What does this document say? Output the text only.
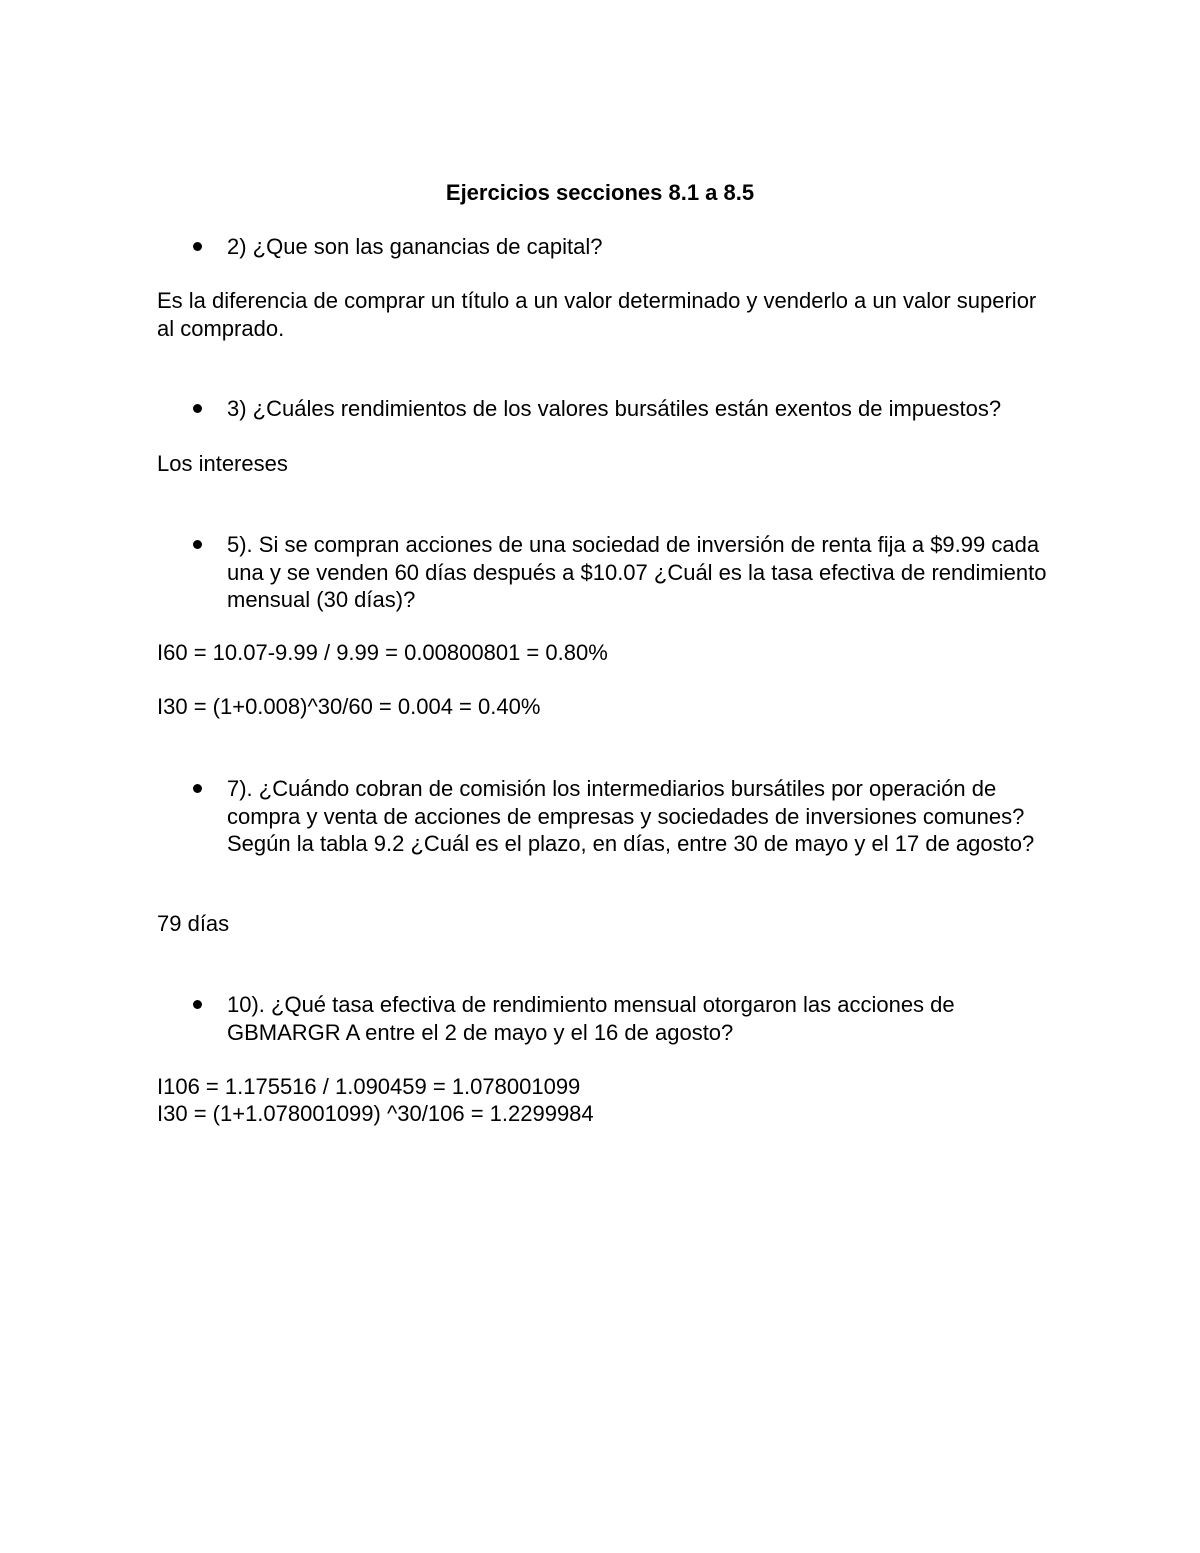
Ejercicios secciones 8.1 a 8.5
2) ¿Que son las ganancias de capital?
Es la diferencia de comprar un título a un valor determinado y venderlo a un valor superior al comprado.
3) ¿Cuáles rendimientos de los valores bursátiles están exentos de impuestos?
Los intereses
5). Si se compran acciones de una sociedad de inversión de renta fija a $9.99 cada una y se venden 60 días después a $10.07 ¿Cuál es la tasa efectiva de rendimiento mensual (30 días)?
I60 = 10.07-9.99 / 9.99 = 0.00800801 = 0.80%
I30 = (1+0.008)^30/60 = 0.004 = 0.40%
7). ¿Cuándo cobran de comisión los intermediarios bursátiles por operación de compra y venta de acciones de empresas y sociedades de inversiones comunes? Según la tabla 9.2 ¿Cuál es el plazo, en días, entre 30 de mayo y el 17 de agosto?
79 días
10). ¿Qué tasa efectiva de rendimiento mensual otorgaron las acciones de GBMARGR A entre el 2 de mayo y el 16 de agosto?
I106 = 1.175516 / 1.090459 = 1.078001099
I30 = (1+1.078001099) ^30/106 = 1.2299984
